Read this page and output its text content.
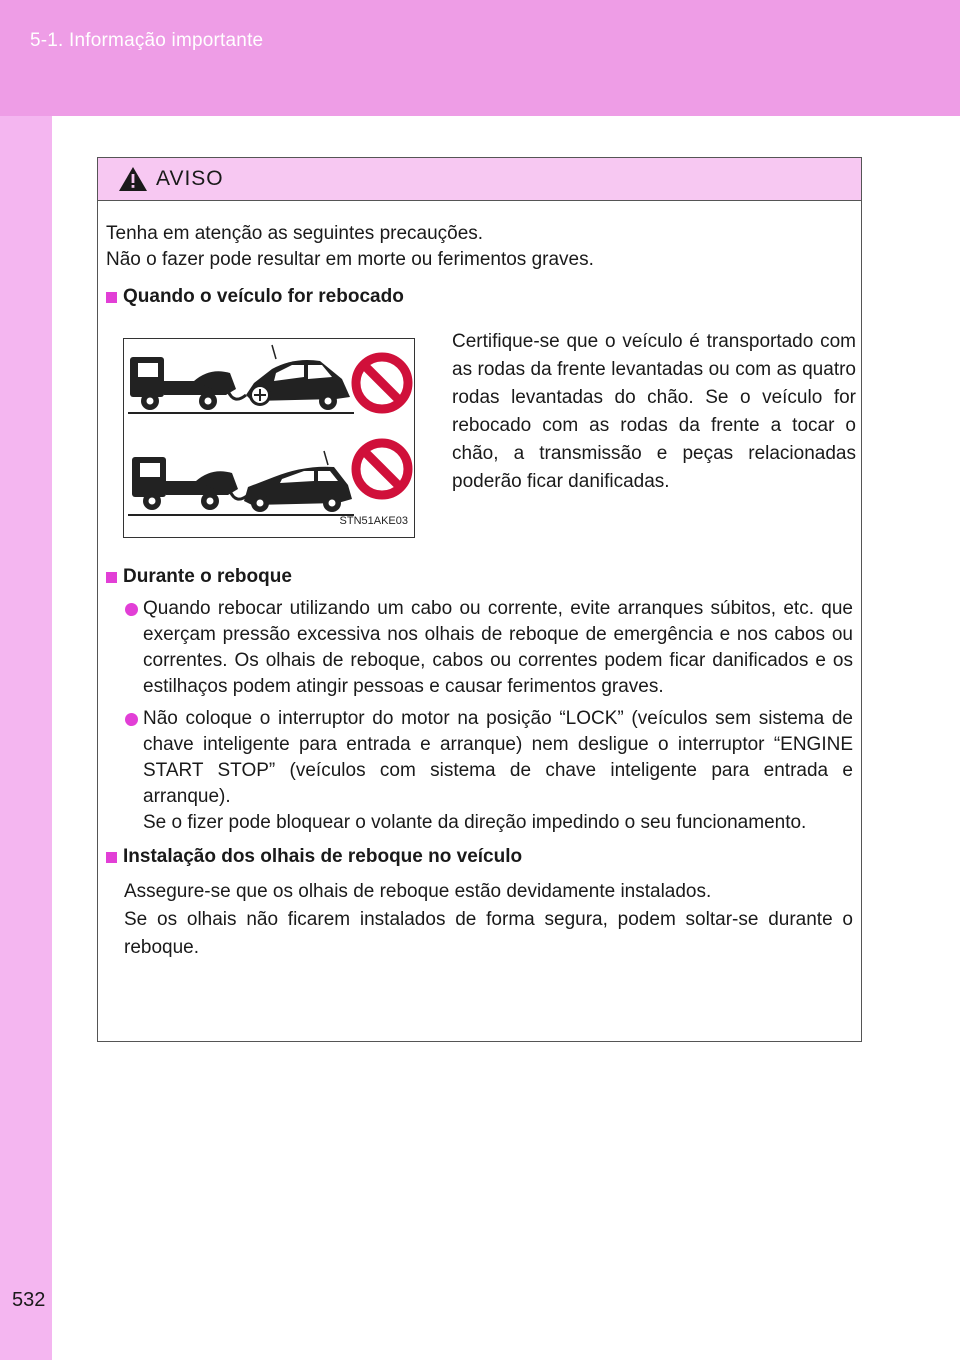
5-1. Informação importante
532
AVISO

Tenha em atenção as seguintes precauções.

Não o fazer pode resultar em morte ou ferimentos graves.

Quando o veículo for rebocado
STN51AKE03
Certifique-se que o veículo é transportado com as rodas da frente levantadas ou com as quatro rodas levantadas do chão. Se o veículo for rebocado com as rodas da frente a tocar o chão, a transmissão e peças relacionadas poderão ficar danificadas.
Durante o reboque

Quando rebocar utilizando um cabo ou corrente, evite arranques súbitos, etc. que exerçam pressão excessiva nos olhais de reboque de emergência e nos cabos ou correntes. Os olhais de reboque, cabos ou correntes podem ficar danificados e os estilhaços podem atingir pessoas e causar ferimentos graves.

Não coloque o interruptor do motor na posição “LOCK” (veículos sem sistema de chave inteligente para entrada e arranque) nem desligue o interruptor “ENGINE START STOP” (veículos com sistema de chave inteligente para entrada e arranque).

Se o fizer pode bloquear o volante da direção impedindo o seu funcionamento.

Instalação dos olhais de reboque no veículo

Assegure-se que os olhais de reboque estão devidamente instalados.

Se os olhais não ficarem instalados de forma segura, podem soltar-se durante o reboque.
